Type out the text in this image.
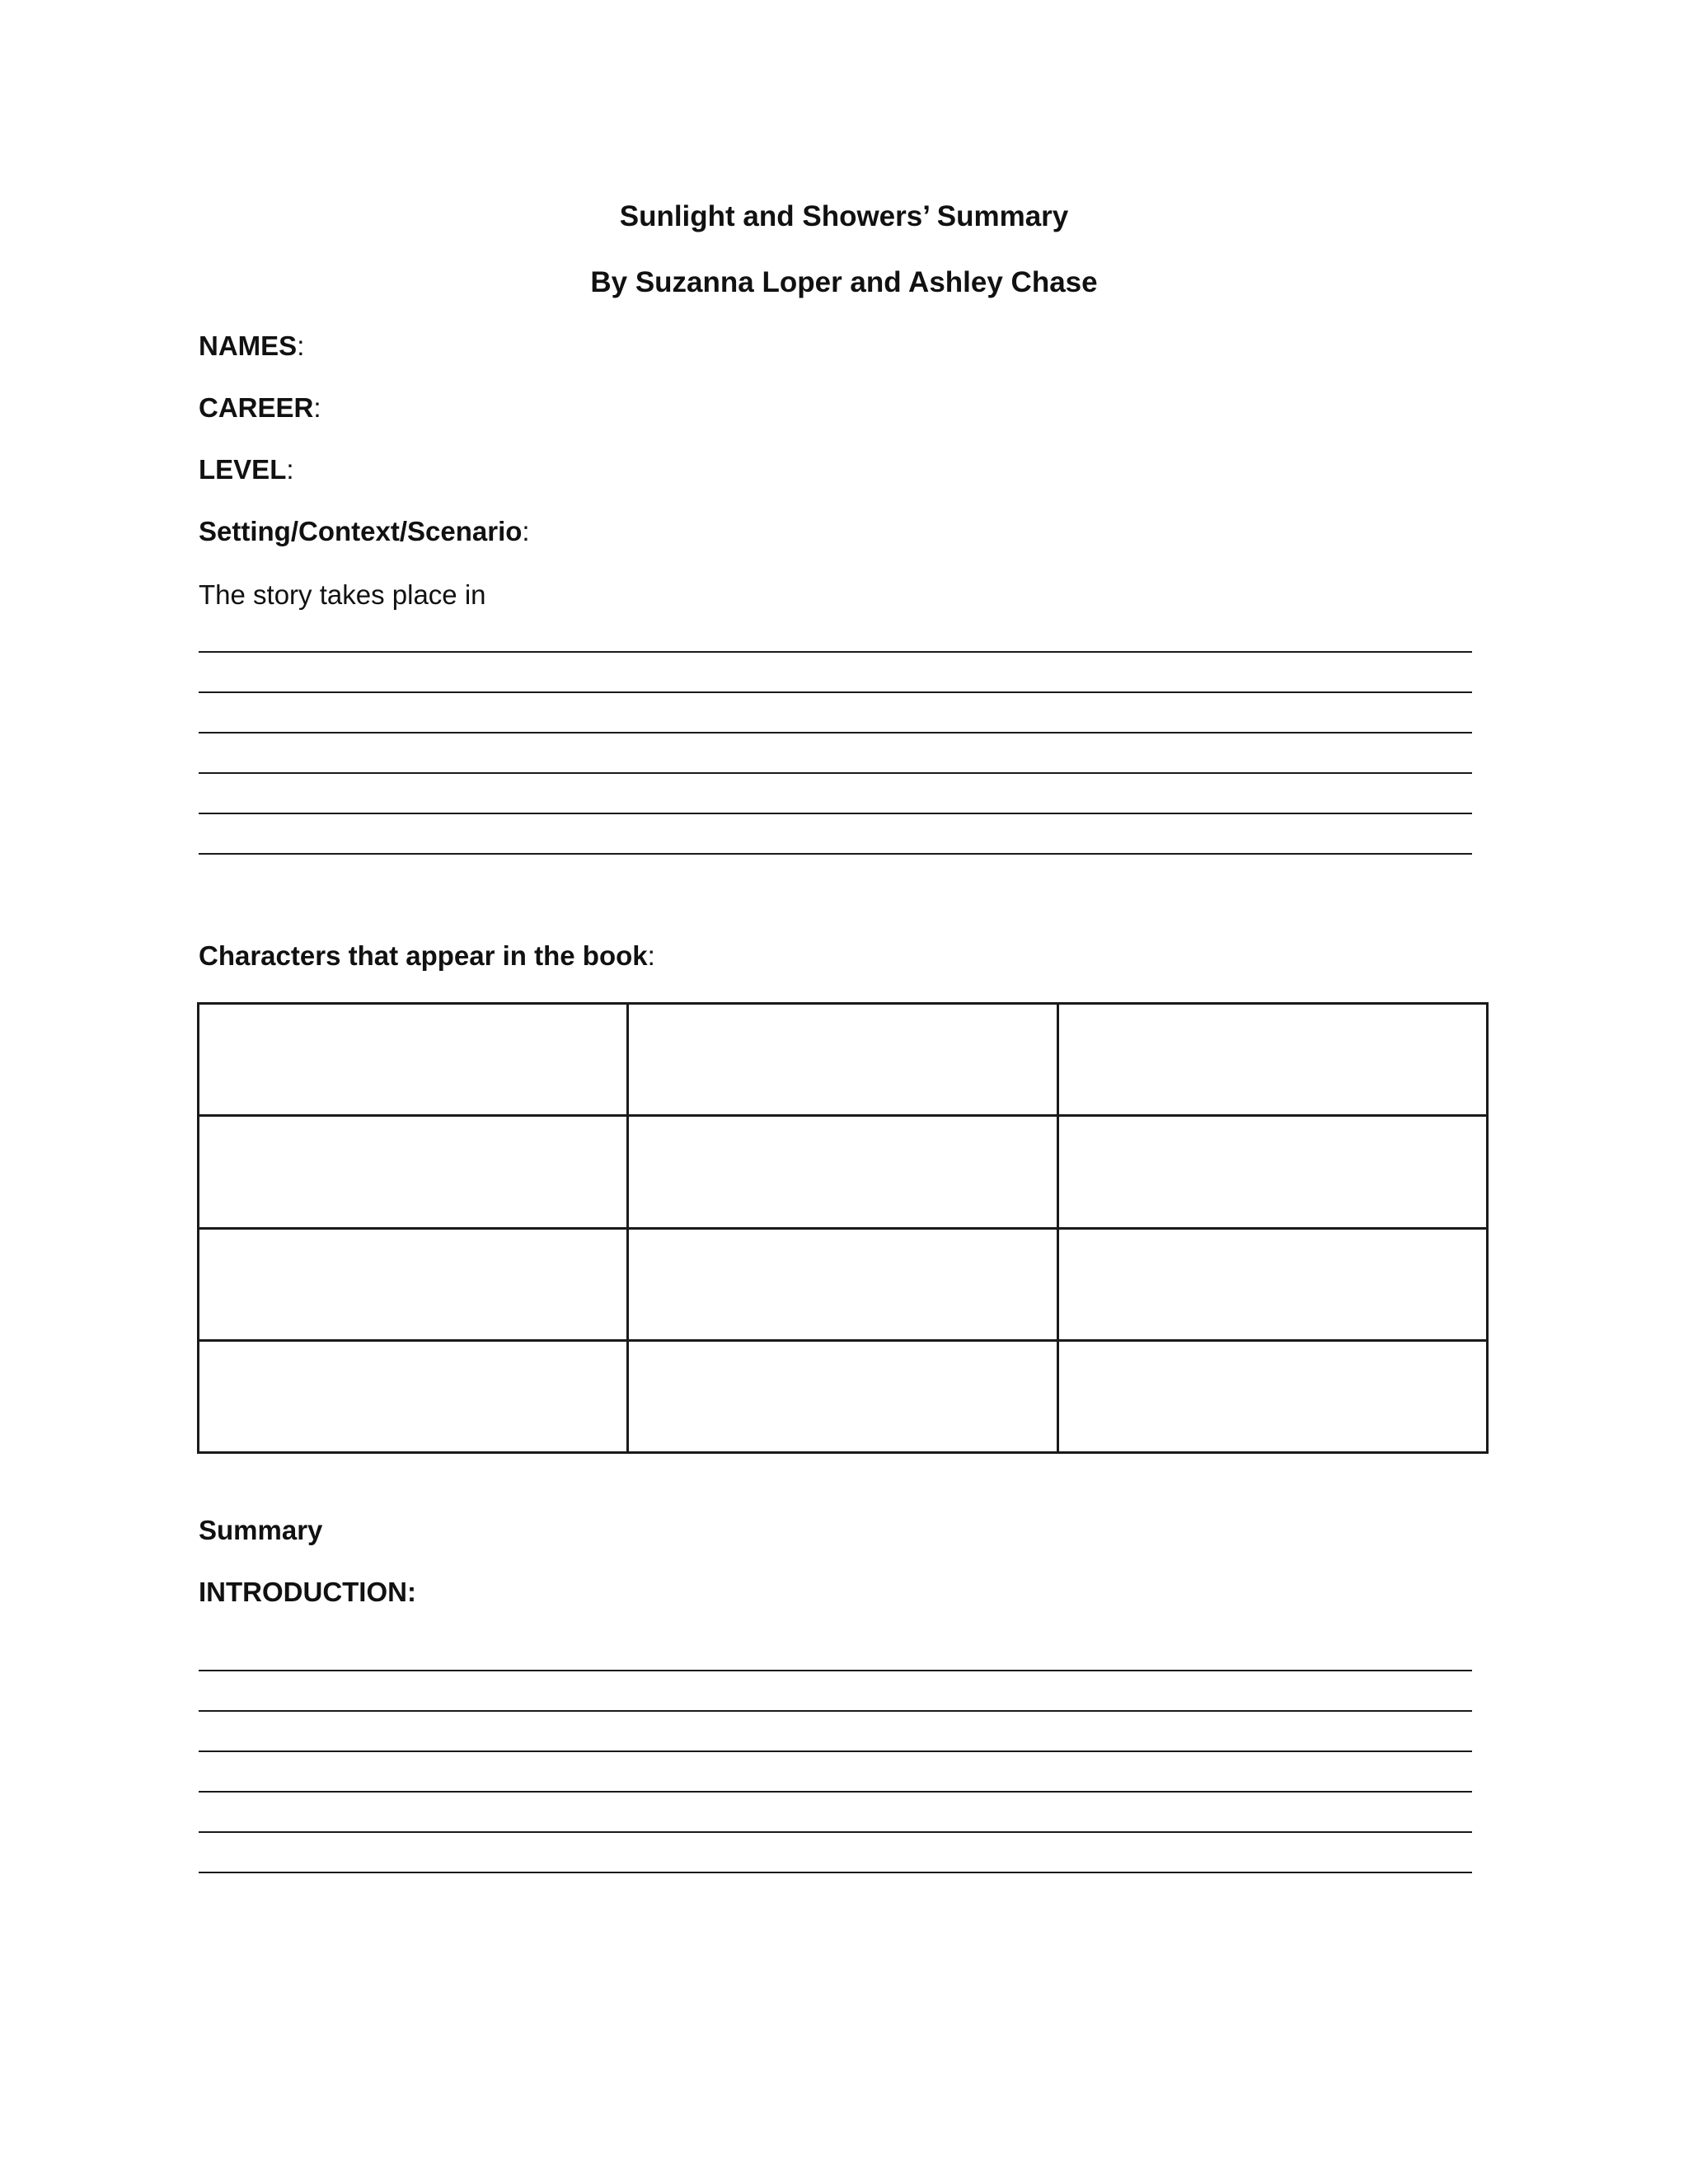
Sunlight and Showers’ Summary
By Suzanna Loper and Ashley Chase
NAMES:
CAREER:
LEVEL:
Setting/Context/Scenario:
The story takes place in
Characters that appear in the book:

Summary
INTRODUCTION:
